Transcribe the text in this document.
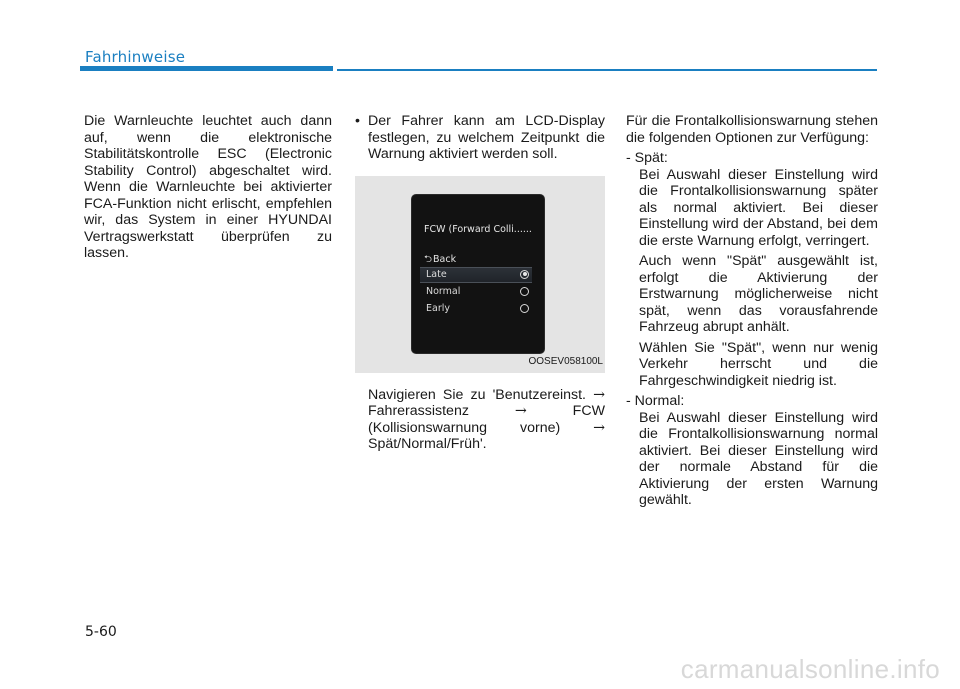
Fahrhinweise

Die Warnleuchte leuchtet auch dann auf, wenn die elektronische Stabilitätskontrolle ESC (Electronic Stability Control) abgeschaltet wird. Wenn die Warnleuchte bei aktivierter FCA-Funktion nicht erlischt, empfehlen wir, das System in einer HYUNDAI Vertragswerkstatt überprüfen zu lassen.

• Der Fahrer kann am LCD-Display festlegen, zu welchem Zeitpunkt die Warnung aktiviert werden soll.
FCW (Forward Colli......
⮌Back
Late
Normal
Early
OOSEV058100L

Navigieren Sie zu 'Benutzereinst. → Fahrerassistenz	→	FCW (Kollisionswarnung vorne) → Spät/Normal/Früh'.

Für die Frontalkollisionswarnung stehen die folgenden Optionen zur Verfügung:

- Spät:

Bei Auswahl dieser Einstellung wird die Frontalkollisionswarnung später als normal aktiviert. Bei dieser Einstellung wird der Abstand, bei dem die erste Warnung erfolgt, verringert.

Auch wenn "Spät" ausgewählt ist, erfolgt die Aktivierung der Erstwarnung möglicherweise nicht spät, wenn das vorausfahrende Fahrzeug abrupt anhält.

Wählen Sie "Spät", wenn nur wenig Verkehr herrscht und die Fahrgeschwindigkeit niedrig ist.

- Normal:

Bei Auswahl dieser Einstellung wird die Frontalkollisionswarnung normal aktiviert. Bei dieser Einstellung wird der normale Abstand für die Aktivierung der ersten Warnung gewählt.

5-60
carmanualsonline.info
